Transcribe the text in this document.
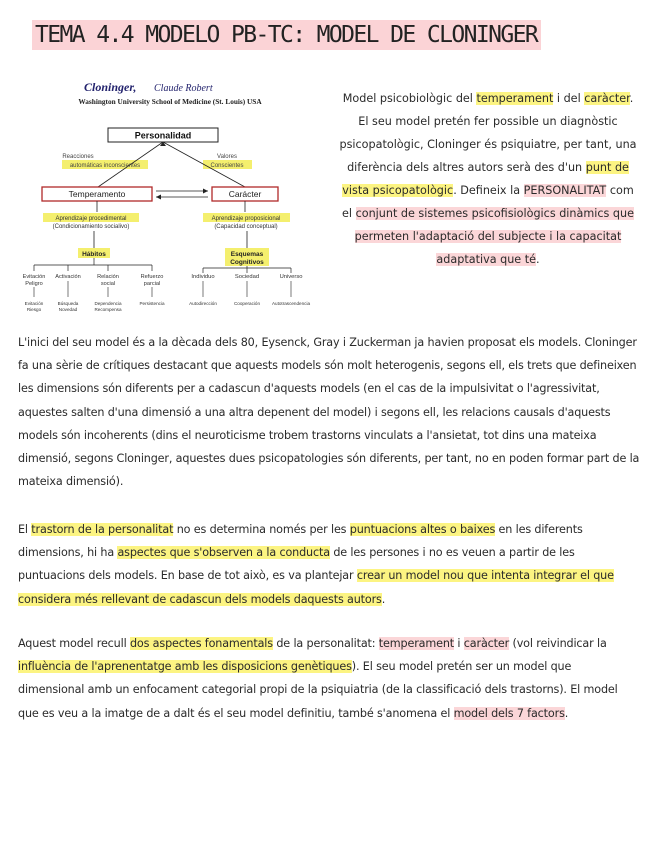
TEMA 4.4 MODELO PB-TC: MODEL DE CLONINGER
Cloninger, Claude Robert
Washington University School of Medicine (St. Louis) USA
Personalidad
Reacciones
automáticas inconscientes
Valores
Conscientes
Temperamento	Carácter
Aprendizaje procedimental
(Condicionamiento socialivo)
Aprendizaje proposicional
(Capacidad conceptual)
Hábitos	Esquemas
Cognitivos
Evitación
Peligro
Activación	Relación
social
Refuerzo
parcial
Individuo	Sociedad	Universo
Evitación
Riesgo
Búsqueda
Novedad
Dependencia
Recompensa
Persistencia	Autodirección	Cooperación	Autotrascendencia

Model psicobiològic del temperament i del caràcter. El seu model pretén fer possible un diagnòstic psicopatològic, Cloninger és psiquiatre, per tant, una diferència dels altres autors serà des d'un punt de vista psicopatològic. Defineix la PERSONALITAT com el conjunt de sistemes psicofisiològics dinàmics que permeten l'adaptació del subjecte i la capacitat adaptativa que té.

L'inici del seu model és a la dècada dels 80, Eysenck, Gray i Zuckerman ja havien proposat els models. Cloninger fa una sèrie de crítiques destacant que aquests models són molt heterogenis, segons ell, els trets que defineixen les dimensions són diferents per a cadascun d'aquests models (en el cas de la impulsivitat o l'agressivitat, aquestes salten d'una dimensió a una altra depenent del model) i segons ell, les relacions causals d'aquests models són incoherents (dins el neuroticisme trobem trastorns vinculats a l'ansietat, tot dins una mateixa dimensió, segons Cloninger, aquestes dues psicopatologies són diferents, per tant, no en poden formar part de la mateixa dimensió).

El trastorn de la personalitat no es determina només per les puntuacions altes o baixes en les diferents dimensions, hi ha aspectes que s'observen a la conducta de les persones i no es veuen a partir de les puntuacions dels models. En base de tot això, es va plantejar crear un model nou que intenta integrar el que considera més rellevant de cadascun dels models daquests autors.

Aquest model recull dos aspectes fonamentals de la personalitat: temperament i caràcter (vol reivindicar la influència de l'aprenentatge amb les disposicions genètiques). El seu model pretén ser un model que dimensional amb un enfocament categorial propi de la psiquiatria (de la classificació dels trastorns). El model que es veu a la imatge de a dalt és el seu model definitiu, també s'anomena el model dels 7 factors.
